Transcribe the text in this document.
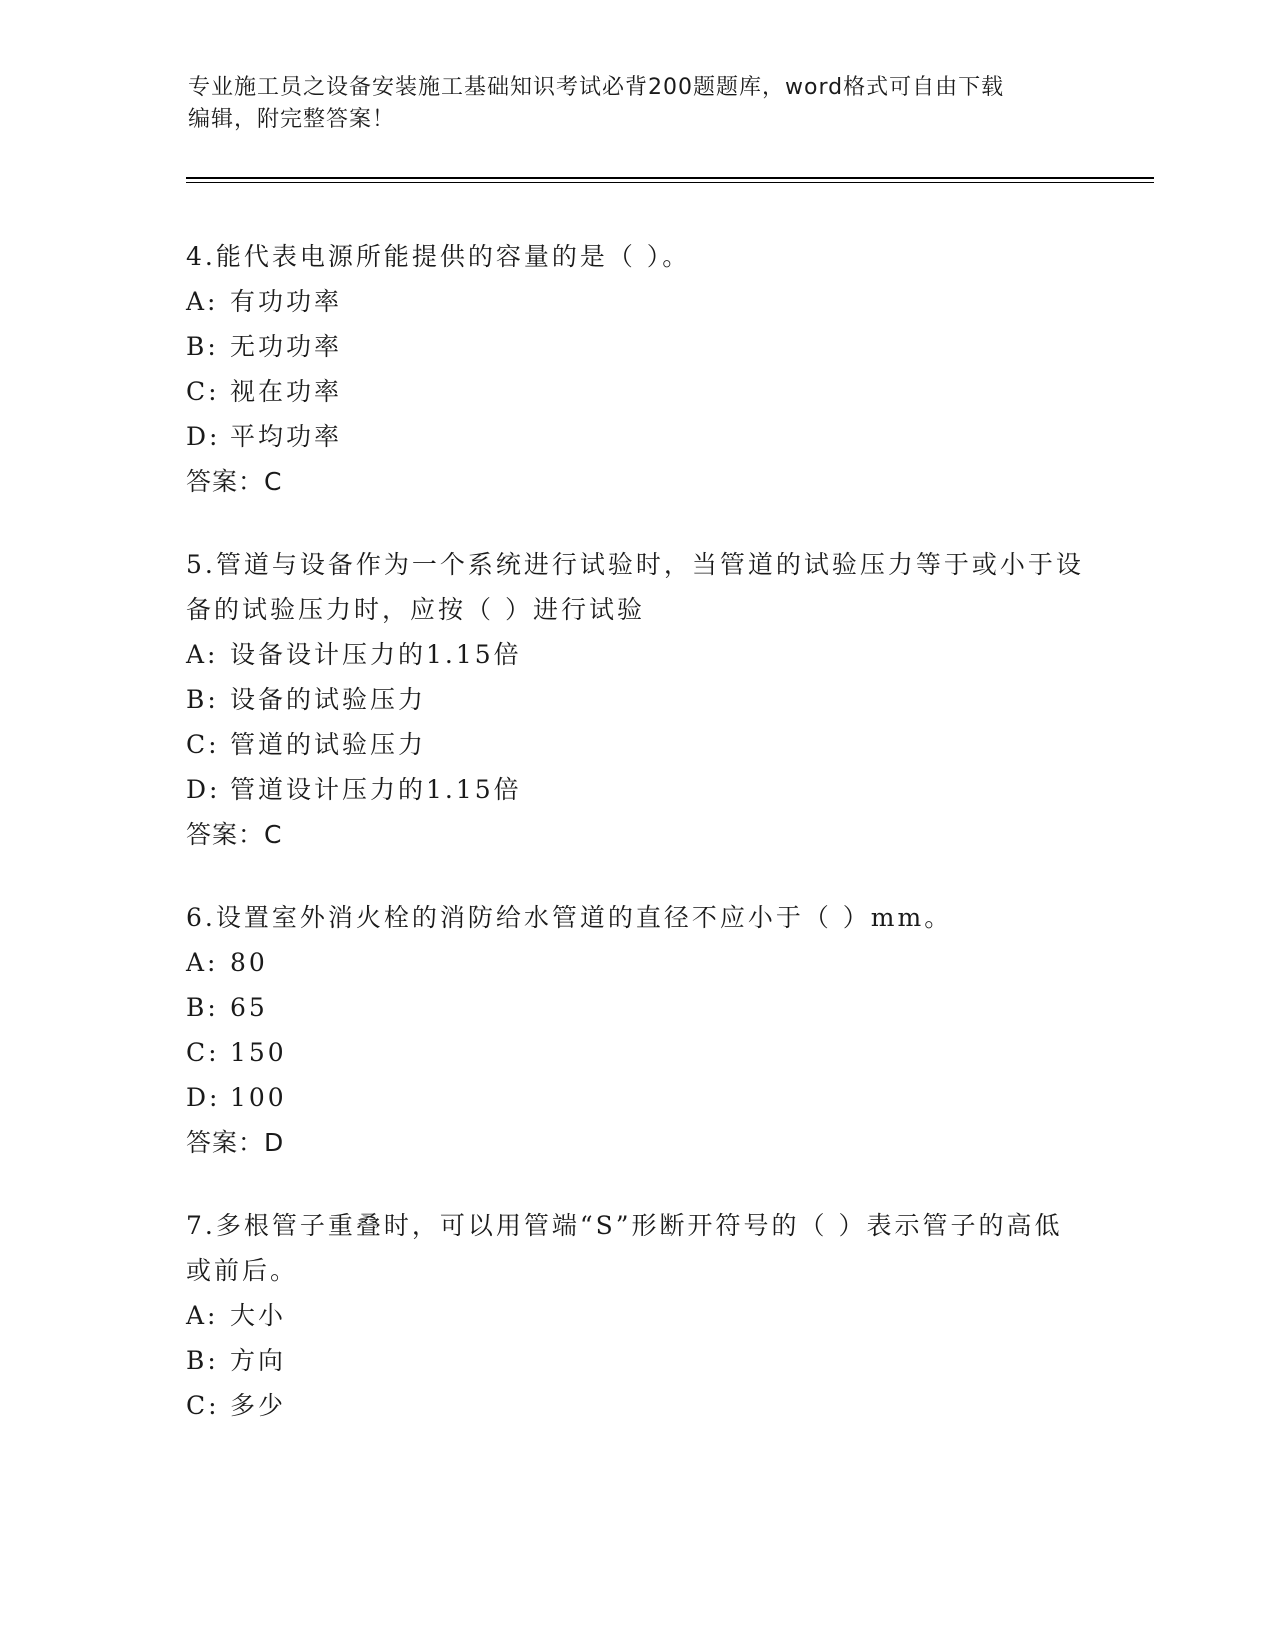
专业施工员之设备安装施工基础知识考试必背200题题库，word格式可自由下载
编辑，附完整答案！

4.能代表电源所能提供的容量的是（ ）。

A: 有功功率
B: 无功功率
C: 视在功率
D: 平均功率
答案：C

5.管道与设备作为一个系统进行试验时，当管道的试验压力等于或小于设备的试验压力时，应按（ ）进行试验

A: 设备设计压力的1.15倍
B: 设备的试验压力
C: 管道的试验压力
D: 管道设计压力的1.15倍
答案：C

6.设置室外消火栓的消防给水管道的直径不应小于（ ）mm。

A: 80
B: 65
C: 150
D: 100
答案：D

7.多根管子重叠时，可以用管端“S”形断开符号的（ ）表示管子的高低或前后。

A: 大小
B: 方向
C: 多少
